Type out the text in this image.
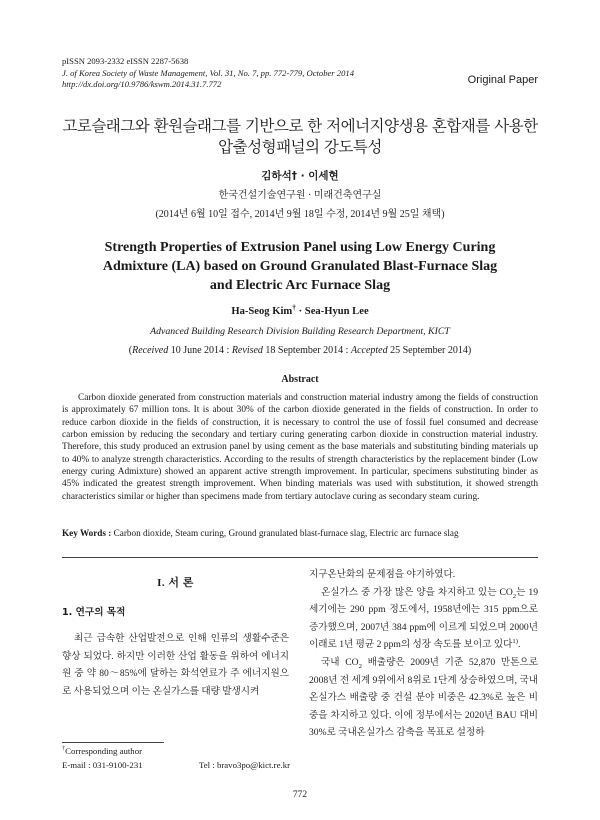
pISSN 2093-2332 eISSN 2287-5638
J. of Korea Society of Waste Management, Vol. 31, No. 7, pp. 772-779, October 2014
http://dx.doi.org/10.9786/kswm.2014.31.7.772	Original Paper
고로슬래그와 환원슬래그를 기반으로 한 저에너지양생용 혼합재를 사용한
압출성형패널의 강도특성
김하석† · 이세현
한국건설기술연구원 · 미래건축연구실
(2014년 6월 10일 접수, 2014년 9월 18일 수정, 2014년 9월 25일 채택)
Strength Properties of Extrusion Panel using Low Energy Curing
Admixture (LA) based on Ground Granulated Blast-Furnace Slag
and Electric Arc Furnace Slag
Ha-Seog Kim† · Sea-Hyun Lee
Advanced Building Research Division Building Research Department, KICT
(Received 10 June 2014 : Revised 18 September 2014 : Accepted 25 September 2014)
Abstract

Carbon dioxide generated from construction materials and construction material industry among the fields of construction is approximately 67 million tons. It is about 30% of the carbon dioxide generated in the fields of construction. In order to reduce carbon dioxide in the fields of construction, it is necessary to control the use of fossil fuel consumed and decrease carbon emission by reducing the secondary and tertiary curing generating carbon dioxide in construction material industry. Therefore, this study produced an extrusion panel by using cement as the base materials and substituting binding materials up to 40% to analyze strength characteristics. According to the results of strength characteristics by the replacement binder (Low energy curing Admixture) showed an apparent active strength improvement. In particular, specimens substituting binder as 45% indicated the greatest strength improvement. When binding materials was used with substitution, it showed strength characteristics similar or higher than specimens made from tertiary autoclave curing as secondary steam curing.

Key Words : Carbon dioxide, Steam curing, Ground granulated blast-furnace slag, Electric arc furnace slag
I. 서 론
1. 연구의 목적

최근 급속한 산업발전으로 인해 인류의 생활수준은 향상 되었다. 하지만 이러한 산업 활동을 위하여 에너지원 중 약 80～85%에 달하는 화석연료가 주 에너지원으로 사용되었으며 이는 온실가스를 대량 발생시켜

지구온난화의 문제점을 야기하였다.

온실가스 중 가장 많은 양을 차지하고 있는 $CO_2$는 19세기에는 290 ppm 정도에서, 1958년에는 315 ppm으로 증가했으며, 2007년 384 ppm에 이르게 되었으며 2000년 이래로 1년 평균 2 ppm의 성장 속도를 보이고 있다$^{1)}$.

국내 $CO_2$ 배출량은 2009년 기준 52,870 만톤으로 2008년 전 세계 9위에서 8위로 1단계 상승하였으며, 국내 온실가스 배출량 중 건설 분야 비중은 42.3%로 높은 비중을 차지하고 있다. 이에 정부에서는 2020년 BAU 대비 30%로 국내온실가스 감축을 목표로 설정하

†Corresponding author
E-mail : 031-9100-231	Tel : bravo3po@kict.re.kr
772
